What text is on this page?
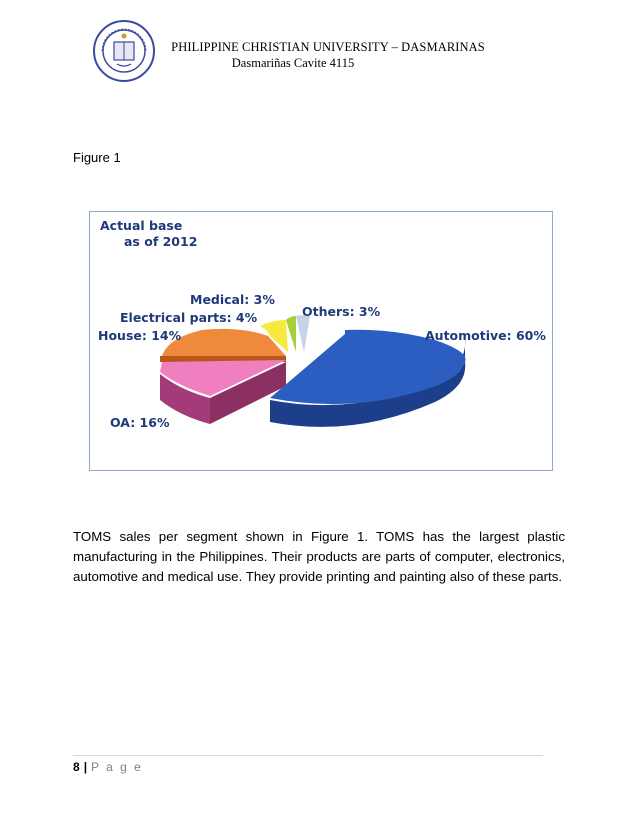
PHILIPPINE CHRISTIAN UNIVERSITY – DASMARINAS
Dasmariñas Cavite 4115
Figure 1
Actual base
as of 2012
Medical: 3%
Others: 3%
Electrical parts: 4%
House: 14%	Automotive: 60%
OA: 16%

TOMS sales per segment shown in Figure 1. TOMS has the largest plastic manufacturing in the Philippines. Their products are parts of computer, electronics, automotive and medical use. They provide printing and painting also of these parts.

8 | P a g e
